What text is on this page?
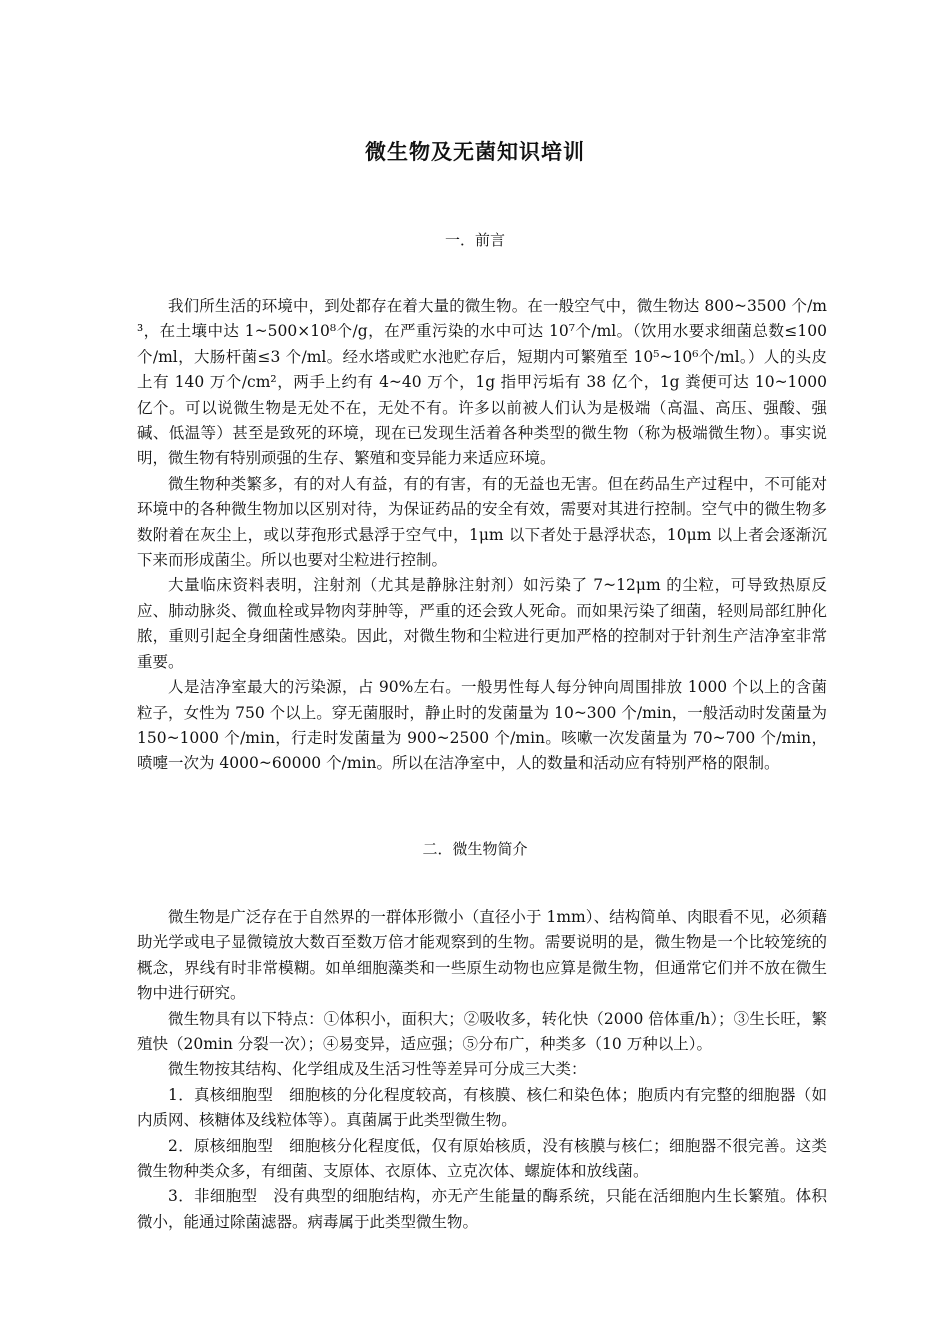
微生物及无菌知识培训
一．前言

我们所生活的环境中，到处都存在着大量的微生物。在一般空气中，微生物达 800~3500 个/m³，在土壤中达 1~500×10⁸个/g，在严重污染的水中可达 10⁷个/ml。（饮用水要求细菌总数≤100 个/ml，大肠杆菌≤3 个/ml。经水塔或贮水池贮存后，短期内可繁殖至 10⁵~10⁶个/ml。）人的头皮上有 140 万个/cm²，两手上约有 4~40 万个，1g 指甲污垢有 38 亿个，1g 粪便可达 10~1000 亿个。可以说微生物是无处不在，无处不有。许多以前被人们认为是极端（高温、高压、强酸、强碱、低温等）甚至是致死的环境，现在已发现生活着各种类型的微生物（称为极端微生物）。事实说明，微生物有特别顽强的生存、繁殖和变异能力来适应环境。

微生物种类繁多，有的对人有益，有的有害，有的无益也无害。但在药品生产过程中，不可能对环境中的各种微生物加以区别对待，为保证药品的安全有效，需要对其进行控制。空气中的微生物多数附着在灰尘上，或以芽孢形式悬浮于空气中，1μm 以下者处于悬浮状态，10μm 以上者会逐渐沉下来而形成菌尘。所以也要对尘粒进行控制。

大量临床资料表明，注射剂（尤其是静脉注射剂）如污染了 7~12μm 的尘粒，可导致热原反应、肺动脉炎、微血栓或异物肉芽肿等，严重的还会致人死命。而如果污染了细菌，轻则局部红肿化脓，重则引起全身细菌性感染。因此，对微生物和尘粒进行更加严格的控制对于针剂生产洁净室非常重要。

人是洁净室最大的污染源，占 90%左右。一般男性每人每分钟向周围排放 1000 个以上的含菌粒子，女性为 750 个以上。穿无菌服时，静止时的发菌量为 10~300 个/min，一般活动时发菌量为 150~1000 个/min，行走时发菌量为 900~2500 个/min。咳嗽一次发菌量为 70~700 个/min，喷嚏一次为 4000~60000 个/min。所以在洁净室中，人的数量和活动应有特别严格的限制。

二．微生物简介

微生物是广泛存在于自然界的一群体形微小（直径小于 1mm）、结构简单、肉眼看不见，必须藉助光学或电子显微镜放大数百至数万倍才能观察到的生物。需要说明的是，微生物是一个比较笼统的概念，界线有时非常模糊。如单细胞藻类和一些原生动物也应算是微生物，但通常它们并不放在微生物中进行研究。

微生物具有以下特点：①体积小，面积大；②吸收多，转化快（2000 倍体重/h）；③生长旺，繁殖快（20min 分裂一次）；④易变异，适应强；⑤分布广，种类多（10 万种以上）。

微生物按其结构、化学组成及生活习性等差异可分成三大类：

1．真核细胞型　细胞核的分化程度较高，有核膜、核仁和染色体；胞质内有完整的细胞器（如内质网、核糖体及线粒体等）。真菌属于此类型微生物。

2．原核细胞型　细胞核分化程度低，仅有原始核质，没有核膜与核仁；细胞器不很完善。这类微生物种类众多，有细菌、支原体、衣原体、立克次体、螺旋体和放线菌。

3．非细胞型　没有典型的细胞结构，亦无产生能量的酶系统，只能在活细胞内生长繁殖。体积微小，能通过除菌滤器。病毒属于此类型微生物。
